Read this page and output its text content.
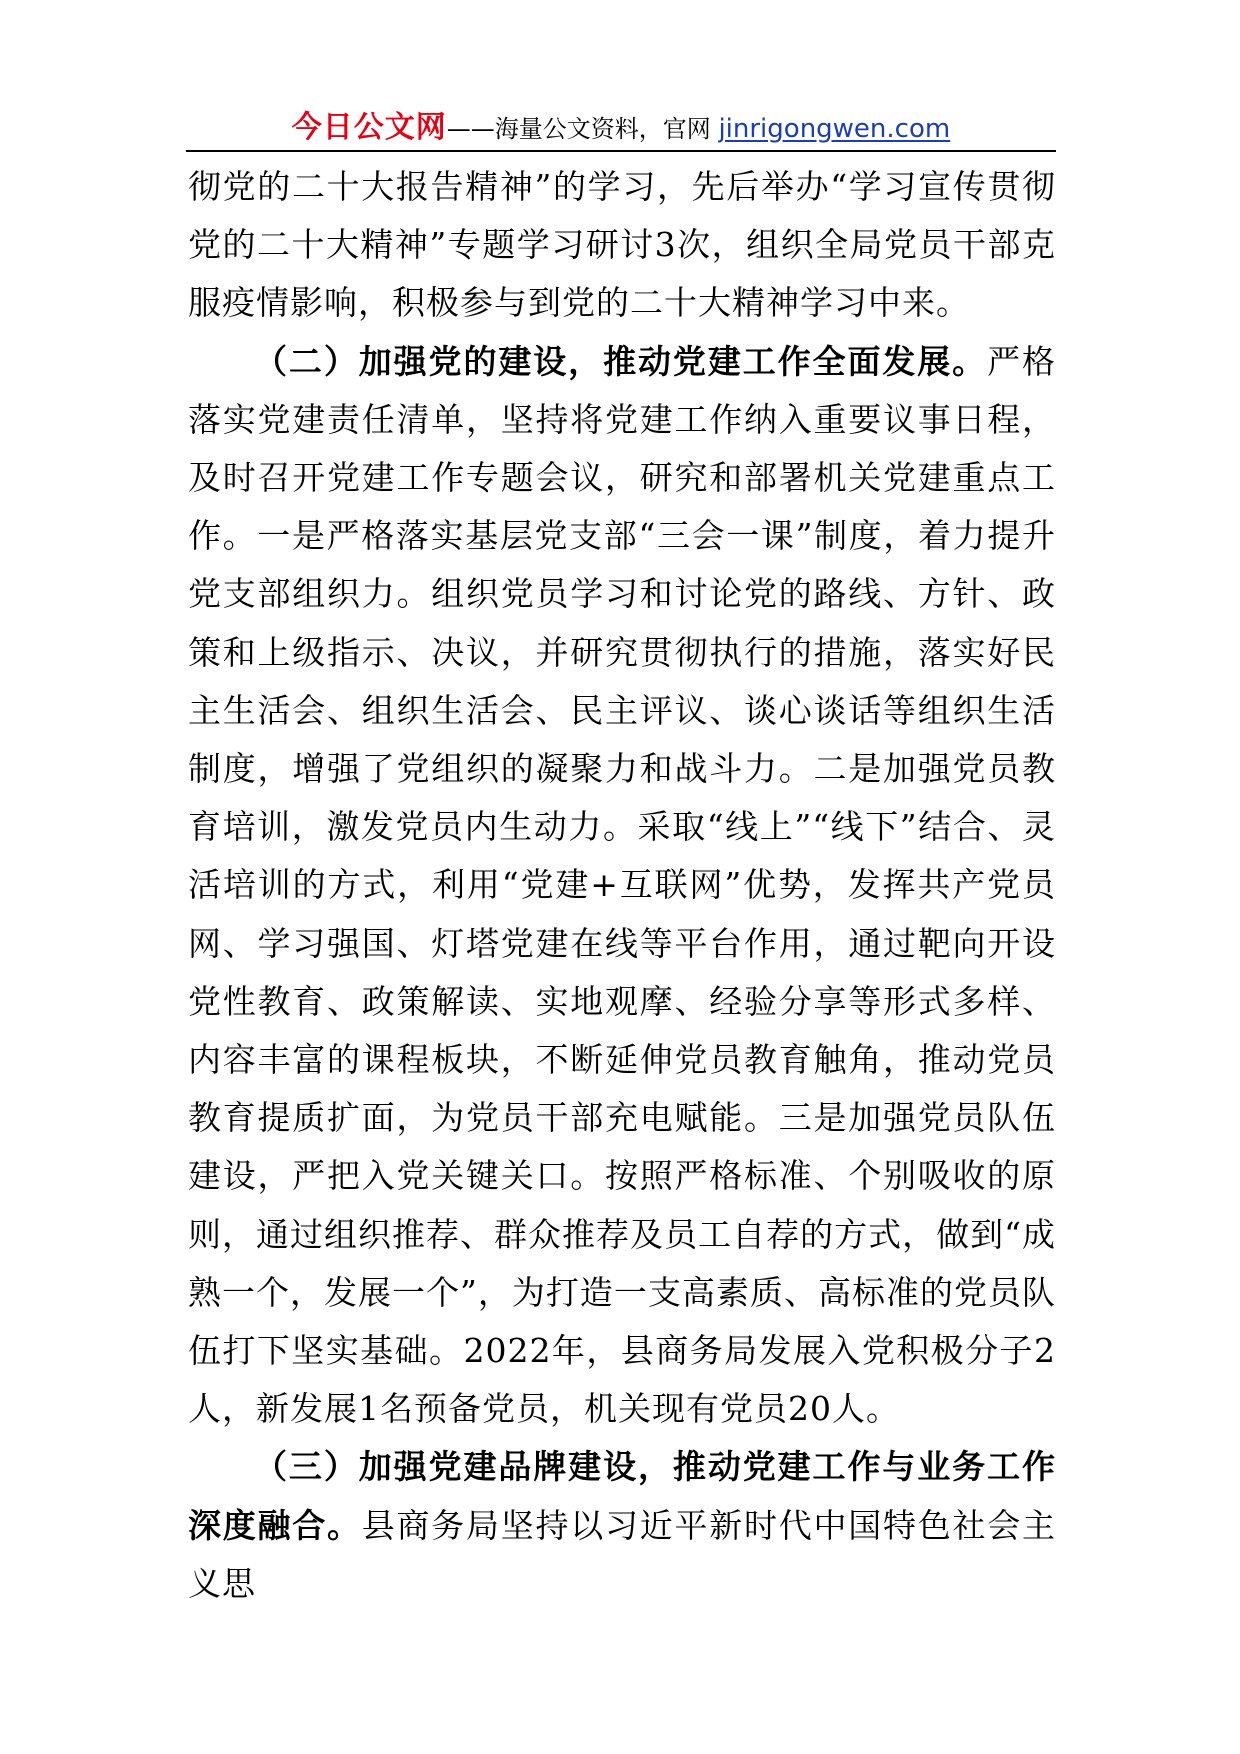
今日公文网——海量公文资料，官网 jinrigongwen.com

彻党的二十大报告精神”的学习，先后举办“学习宣传贯彻党的二十大精神”专题学习研讨3次，组织全局党员干部克服疫情影响，积极参与到党的二十大精神学习中来。

（二）加强党的建设，推动党建工作全面发展。严格落实党建责任清单，坚持将党建工作纳入重要议事日程，及时召开党建工作专题会议，研究和部署机关党建重点工作。一是严格落实基层党支部“三会一课”制度，着力提升党支部组织力。组织党员学习和讨论党的路线、方针、政策和上级指示、决议，并研究贯彻执行的措施，落实好民主生活会、组织生活会、民主评议、谈心谈话等组织生活制度，增强了党组织的凝聚力和战斗力。二是加强党员教育培训，激发党员内生动力。采取“线上”“线下”结合、灵活培训的方式，利用“党建+互联网”优势，发挥共产党员网、学习强国、灯塔党建在线等平台作用，通过靶向开设党性教育、政策解读、实地观摩、经验分享等形式多样、内容丰富的课程板块，不断延伸党员教育触角，推动党员教育提质扩面，为党员干部充电赋能。三是加强党员队伍建设，严把入党关键关口。按照严格标准、个别吸收的原则，通过组织推荐、群众推荐及员工自荐的方式，做到“成熟一个，发展一个”，为打造一支高素质、高标准的党员队伍打下坚实基础。2022年，县商务局发展入党积极分子2人，新发展1名预备党员，机关现有党员20人。

（三）加强党建品牌建设，推动党建工作与业务工作深度融合。县商务局坚持以习近平新时代中国特色社会主义思
